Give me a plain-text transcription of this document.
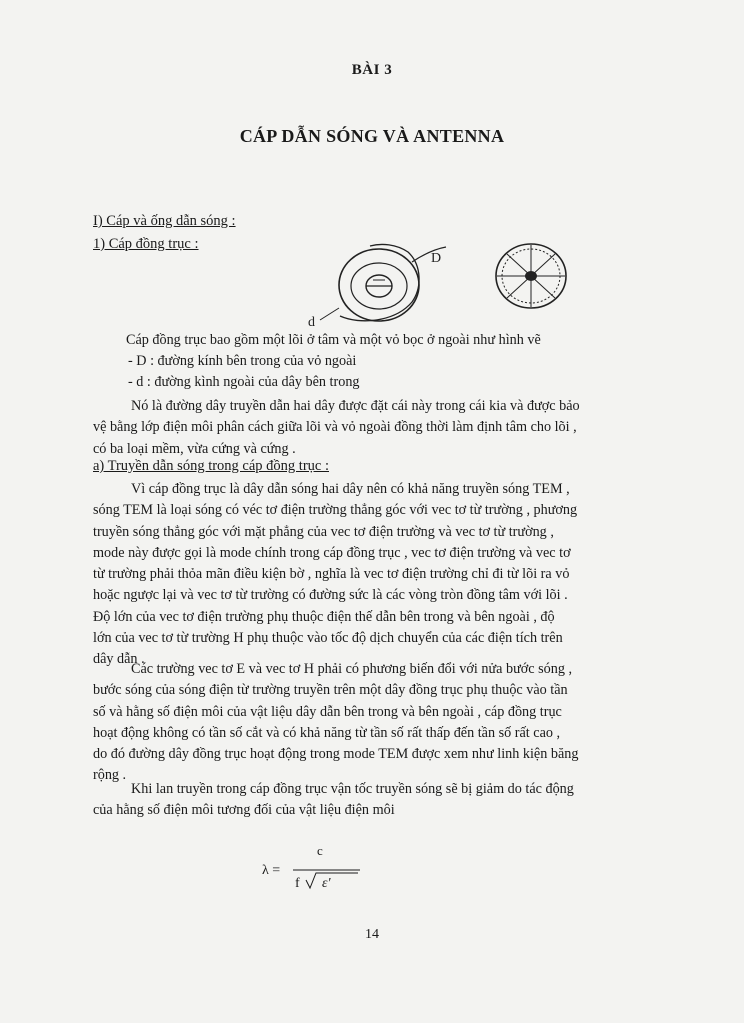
BÀI 3
CÁP DẪN SÓNG VÀ ANTENNA
I) Cáp và ống dẫn sóng :
1) Cáp đồng trục :
D
d
Cáp đồng trục bao gồm một lõi ở tâm và một vỏ bọc ở ngoài như hình vẽ
- D : đường kính bên trong của vỏ ngoài
- d : đường kình ngoài của dây bên trong
Nó là đường dây truyền dẫn hai dây được đặt cái này trong cái kia và được bảo
vệ bằng lớp điện môi phân cách giữa lõi và vỏ ngoài đồng thời làm định tâm cho lõi ,
có ba loại mềm, vừa cứng và cứng .
a) Truyền dẫn sóng trong cáp đồng trục :
Vì cáp đồng trục là dây dẫn sóng hai dây nên có khả năng truyền sóng TEM ,
sóng TEM là loại sóng có véc tơ điện trường thẳng góc với vec tơ từ trường , phương
truyền sóng thẳng góc với mặt phẳng của vec tơ điện trường và vec tơ từ trường ,
mode này được gọi là mode chính trong cáp đồng trục , vec tơ điện trường và vec tơ
từ trường phải thỏa mãn điều kiện bờ , nghĩa là vec tơ điện trường chỉ đi từ lõi ra vỏ
hoặc ngược lại và vec tơ từ trường có đường sức là các vòng tròn đồng tâm với lõi .
Độ lớn của vec tơ điện trường phụ thuộc điện thế dẫn bên trong và bên ngoài , độ
lớn của vec tơ từ trường H phụ thuộc vào tốc độ dịch chuyển của các điện tích trên
dây dẫn .
Các trường vec tơ E và vec tơ H phải có phương biến đổi với nửa bước sóng ,
bước sóng của sóng điện từ trường truyền trên một dây đồng trục phụ thuộc vào tần
số và hằng số điện môi của vật liệu dây dẫn bên trong và bên ngoài , cáp đồng trục
hoạt động không có tần số cắt và có khả năng từ tần số rất thấp đến tần số rất cao ,
do đó đường dây đồng trục hoạt động trong mode TEM được xem như linh kiện băng
rộng .
Khi lan truyền trong cáp đồng trục vận tốc truyền sóng sẽ bị giảm do tác động
của hằng số điện môi tương đối của vật liệu điện môi
λ =
c
f ε'
14
